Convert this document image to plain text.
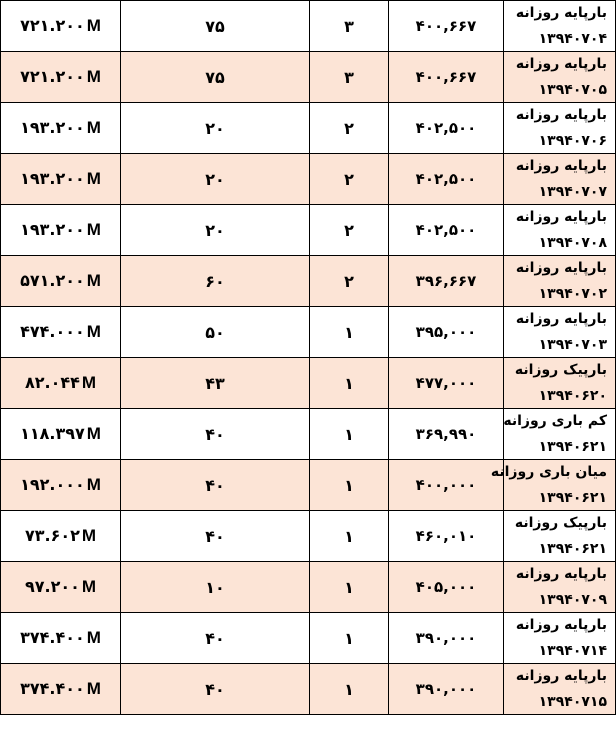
۷۲۱.۲۰۰ M	۷۵	۳	۴۰۰,۶۶۷	بارپایه روزانه
۱۳۹۴۰۷۰۴

۷۲۱.۲۰۰ M	۷۵	۳	۴۰۰,۶۶۷	بارپایه روزانه
۱۳۹۴۰۷۰۵

۱۹۳.۲۰۰ M	۲۰	۲	۴۰۲,۵۰۰	بارپایه روزانه
۱۳۹۴۰۷۰۶

۱۹۳.۲۰۰ M	۲۰	۲	۴۰۲,۵۰۰	بارپایه روزانه
۱۳۹۴۰۷۰۷

۱۹۳.۲۰۰ M	۲۰	۲	۴۰۲,۵۰۰	بارپایه روزانه
۱۳۹۴۰۷۰۸

۵۷۱.۲۰۰ M	۶۰	۲	۳۹۶,۶۶۷	بارپایه روزانه
۱۳۹۴۰۷۰۲

۴۷۴.۰۰۰ M	۵۰	۱	۳۹۵,۰۰۰	بارپایه روزانه
۱۳۹۴۰۷۰۳

۸۲.۰۴۴ M	۴۳	۱	۴۷۷,۰۰۰	بارپیک روزانه
۱۳۹۴۰۶۲۰

۱۱۸.۳۹۷ M	۴۰	۱	۳۶۹,۹۹۰	کم باری روزانه
۱۳۹۴۰۶۲۱

۱۹۲.۰۰۰ M	۴۰	۱	۴۰۰,۰۰۰	میان باری روزانه
۱۳۹۴۰۶۲۱

۷۳.۶۰۲ M	۴۰	۱	۴۶۰,۰۱۰	بارپیک روزانه
۱۳۹۴۰۶۲۱

۹۷.۲۰۰ M	۱۰	۱	۴۰۵,۰۰۰	بارپایه روزانه
۱۳۹۴۰۷۰۹

۳۷۴.۴۰۰ M	۴۰	۱	۳۹۰,۰۰۰	بارپایه روزانه
۱۳۹۴۰۷۱۴

۳۷۴.۴۰۰ M	۴۰	۱	۳۹۰,۰۰۰	بارپایه روزانه
۱۳۹۴۰۷۱۵
